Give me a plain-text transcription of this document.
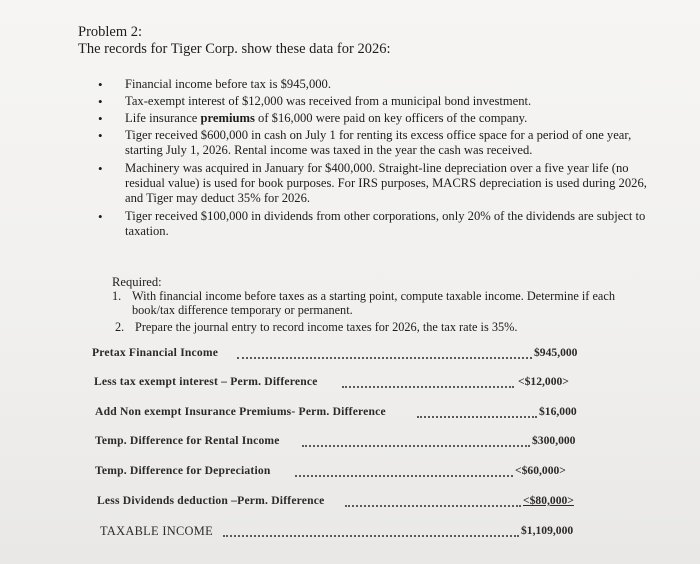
Problem 2:
The records for Tiger Corp. show these data for 2026:
•	Financial income before tax is $945,000.
•	Tax-exempt interest of $12,000 was received from a municipal bond investment.
•	Life insurance premiums of $16,000 were paid on key officers of the company.
•	Tiger received $600,000 in cash on July 1 for renting its excess office space for a period of one year, starting July 1, 2026. Rental income was taxed in the year the cash was received.
•	Machinery was acquired in January for $400,000. Straight-line depreciation over a five year life (no residual value) is used for book purposes. For IRS purposes, MACRS depreciation is used during 2026, and Tiger may deduct 35% for 2026.
•	Tiger received $100,000 in dividends from other corporations, only 20% of the dividends are subject to taxation.
Required:
1. With financial income before taxes as a starting point, compute taxable income. Determine if each book/tax difference temporary or permanent.
2. Prepare the journal entry to record income taxes for 2026, the tax rate is 35%.
Pretax Financial Income	$945,000
Less tax exempt interest – Perm. Difference	<$12,000>
Add Non exempt Insurance Premiums- Perm. Difference	$16,000
Temp. Difference for Rental Income	$300,000
Temp. Difference for Depreciation	<$60,000>
Less Dividends deduction –Perm. Difference	<$80,000>
TAXABLE INCOME	$1,109,000
